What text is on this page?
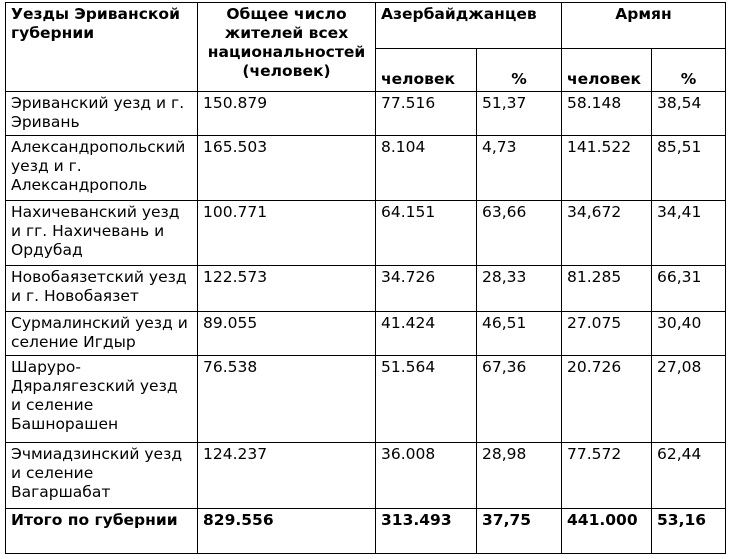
Уезды Эриванской губернии	Общее число жителей всех национальностей (человек)	Азербайджанцев		Армян	
		человек	%	человек	%
Эриванский уезд и г. Эривань	150.879	77.516	51,37	58.148	38,54
Александропольский уезд и г. Александрополь	165.503	8.104	4,73	141.522	85,51
Нахичеванский уезд и гг. Нахичевань и Ордубад	100.771	64.151	63,66	34,672	34,41
Новобаязетский уезд и г. Новобаязет	122.573	34.726	28,33	81.285	66,31
Сурмалинский уезд и селение Игдыр	89.055	41.424	46,51	27.075	30,40
Шаруро-Дяралягезский уезд и селение Башнорашен	76.538	51.564	67,36	20.726	27,08
Эчмиадзинский уезд и селение Вагаршабат	124.237	36.008	28,98	77.572	62,44
Итого по губернии	829.556	313.493	37,75	441.000	53,16
